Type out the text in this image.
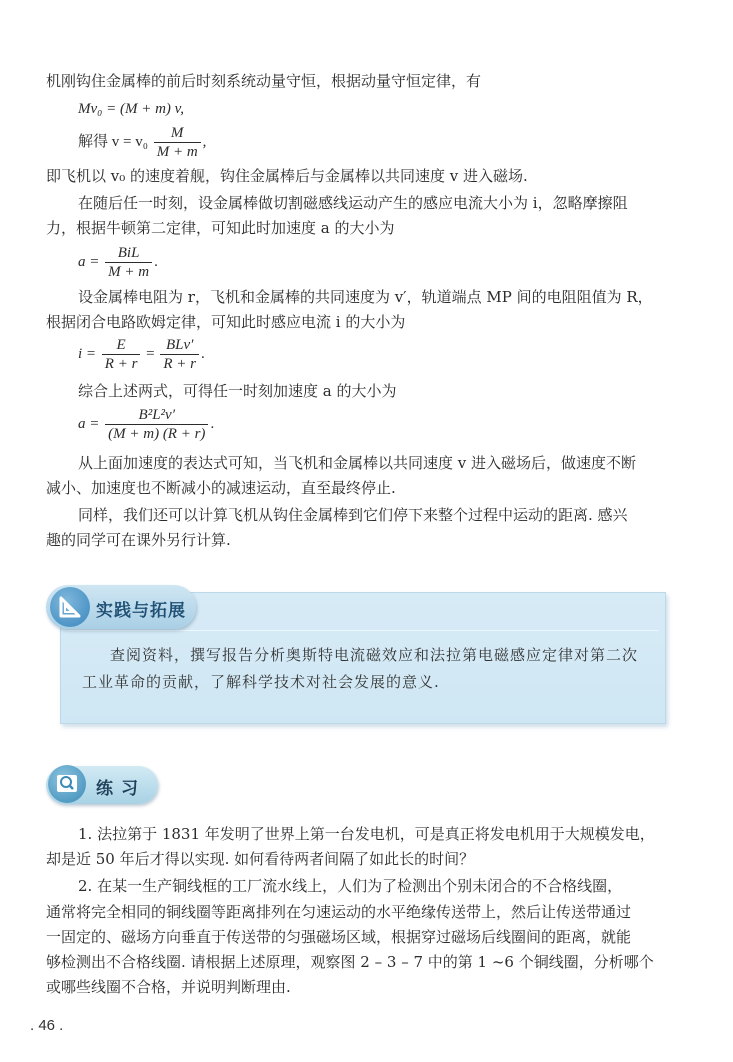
机刚钩住金属棒的前后时刻系统动量守恒，根据动量守恒定律，有
Mv₀ = (M + m) v,
解得 $v = v_0 \frac{M}{M + m}$ ,
即飞机以 v₀ 的速度着舰，钩住金属棒后与金属棒以共同速度 v 进入磁场.
在随后任一时刻，设金属棒做切割磁感线运动产生的感应电流大小为 i，忽略摩擦阻
力，根据牛顿第二定律，可知此时加速度 a 的大小为
$a = \frac{\text{BiL}}{M + m}$ .
设金属棒电阻为 r，飞机和金属棒的共同速度为 v′，轨道端点 MP 间的电阻阻值为 R，
根据闭合电路欧姆定律，可知此时感应电流 i 的大小为
$i = \frac{E}{R + r} = \frac{\text{BLv′}}{R + r}$ .
综合上述两式，可得任一时刻加速度 a 的大小为
$a = \frac{\text{B²L²v′}}{(M + m) (R + r)}$ .
从上面加速度的表达式可知，当飞机和金属棒以共同速度 v 进入磁场后，做速度不断
减小、加速度也不断减小的减速运动，直至最终停止.
同样，我们还可以计算飞机从钩住金属棒到它们停下来整个过程中运动的距离. 感兴
趣的同学可在课外另行计算.
实践与拓展
查阅资料，撰写报告分析奥斯特电流磁效应和法拉第电磁感应定律对第二次
工业革命的贡献，了解科学技术对社会发展的意义.
练习
1. 法拉第于 1831 年发明了世界上第一台发电机，可是真正将发电机用于大规模发电，
却是近 50 年后才得以实现. 如何看待两者间隔了如此长的时间？
2. 在某一生产铜线框的工厂流水线上，人们为了检测出个别未闭合的不合格线圈，
通常将完全相同的铜线圈等距离排列在匀速运动的水平绝缘传送带上，然后让传送带通过
一固定的、磁场方向垂直于传送带的匀强磁场区域，根据穿过磁场后线圈间的距离，就能
够检测出不合格线圈. 请根据上述原理，观察图 2 – 3 – 7 中的第 1 ~6 个铜线圈，分析哪个
或哪些线圈不合格，并说明判断理由.
. 46 .
